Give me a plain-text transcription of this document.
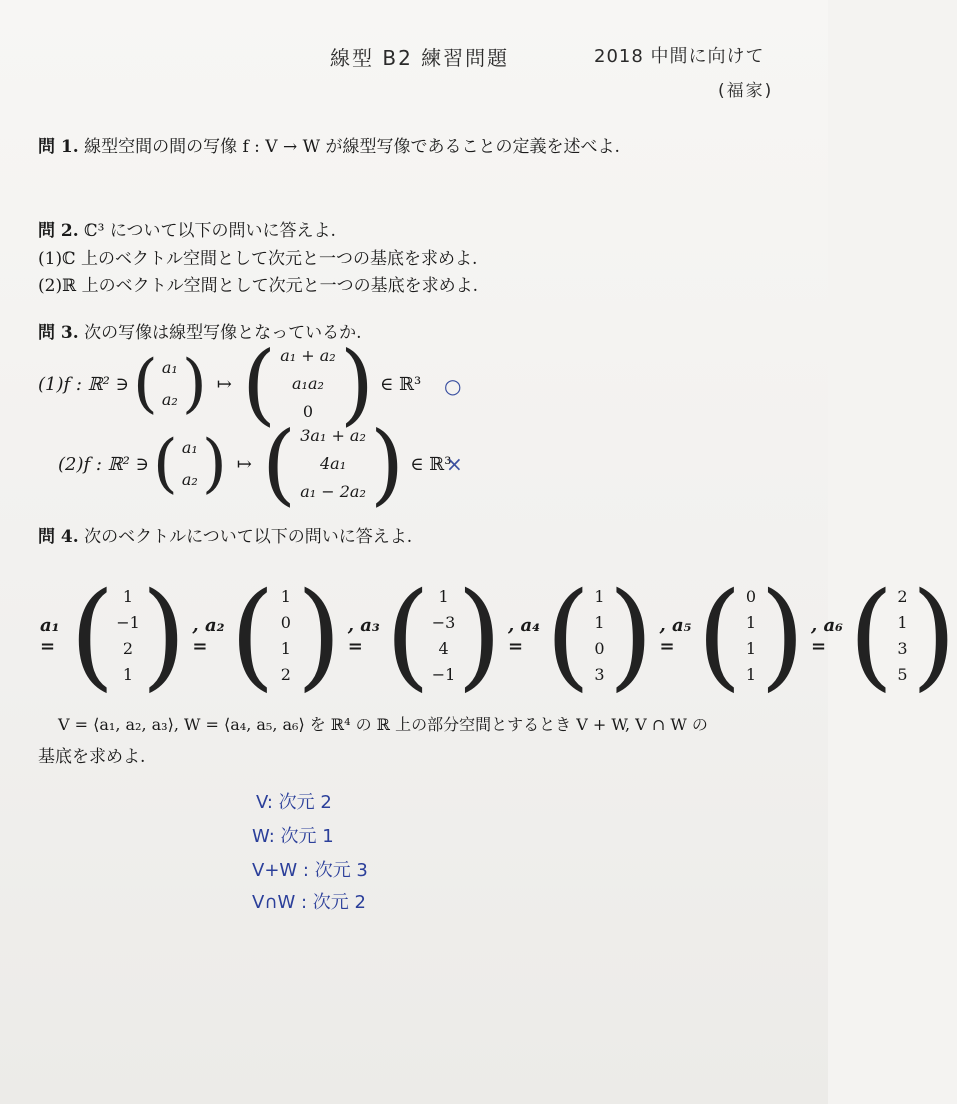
線型 B2 練習問題	2018 中間に向けて
(福家)
問 1. 線型空間の間の写像 f : V → W が線型写像であることの定義を述べよ.
問 2. ℂ³ について以下の問いに答えよ.
(1)ℂ 上のベクトル空間として次元と一つの基底を求めよ.
(2)ℝ 上のベクトル空間として次元と一つの基底を求めよ.
問 3. 次の写像は線型写像となっているか.
(1)f : ℝ² ∋ ( a₁
a₂ ) ↦ ( a₁ + a₂
a₁a₂
0 ) ∈ ℝ³ ○
(2)f : ℝ² ∋ ( a₁
a₂ ) ↦ ( 3a₁ + a₂
4a₁
a₁ − 2a₂ ) ∈ ℝ³
×
問 4. 次のベクトルについて以下の問いに答えよ.
a₁ = ( 1
−1
2
1 ) , a₂ = ( 1
0
1
2 ) , a₃ = ( 1
−3
4
−1 ) , a₄ = ( 1
1
0
3 ) , a₅ = ( 0
1
1
1 ) , a₆ = ( 2
1
3
5 )
V = ⟨a₁, a₂, a₃⟩, W = ⟨a₄, a₅, a₆⟩ を ℝ⁴ の ℝ 上の部分空間とするとき V + W, V ∩ W の
基底を求めよ.
V: 次元 2
W: 次元 1
V+W : 次元 3
V∩W : 次元 2
